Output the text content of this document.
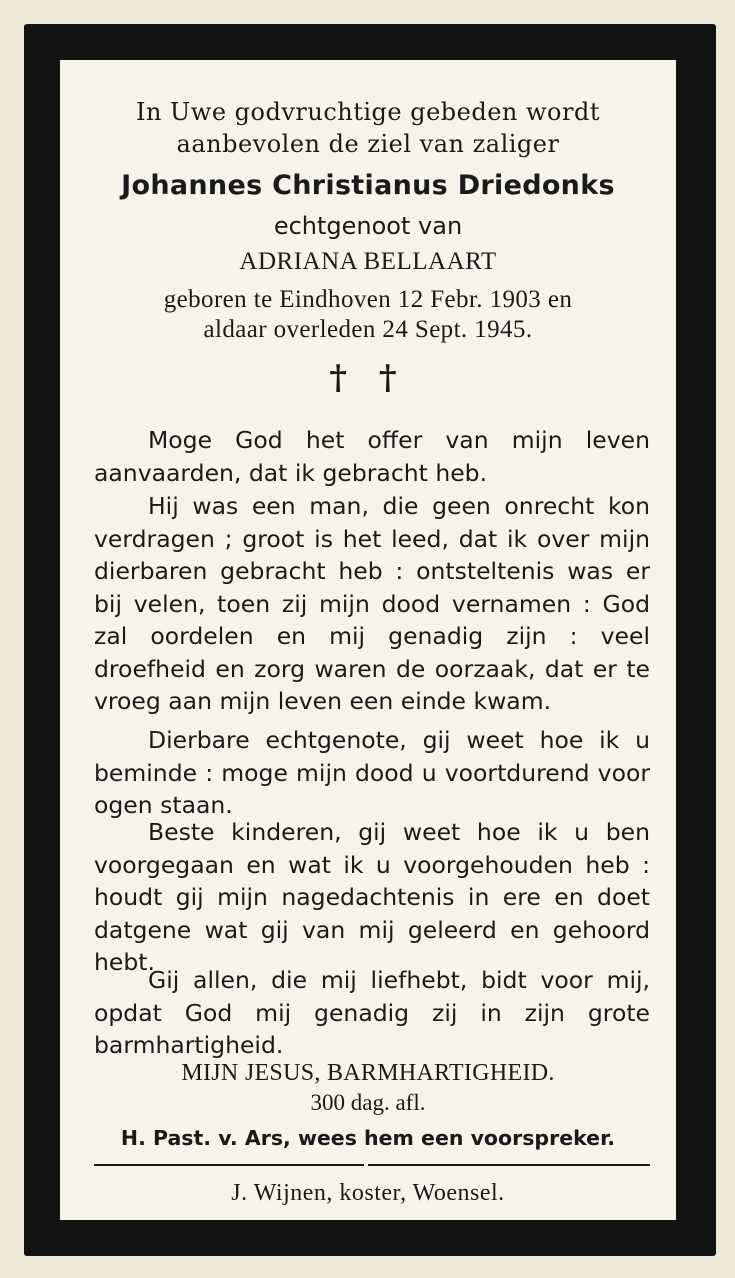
In Uwe godvruchtige gebeden wordt
aanbevolen de ziel van zaliger
Johannes Christianus Driedonks
echtgenoot van
ADRIANA BELLAART
geboren te Eindhoven 12 Febr. 1903 en
aldaar overleden 24 Sept. 1945.
† †
Moge God het offer van mijn leven aanvaarden, dat ik gebracht heb.
Hij was een man, die geen onrecht kon verdragen ; groot is het leed, dat ik over mijn dierbaren gebracht heb : ontsteltenis was er bij velen, toen zij mijn dood vernamen : God zal oordelen en mij genadig zijn : veel droefheid en zorg waren de oorzaak, dat er te vroeg aan mijn leven een einde kwam.
Dierbare echtgenote, gij weet hoe ik u beminde : moge mijn dood u voortdurend voor ogen staan.
Beste kinderen, gij weet hoe ik u ben voorgegaan en wat ik u voorgehouden heb : houdt gij mijn nagedachtenis in ere en doet datgene wat gij van mij geleerd en gehoord hebt.
Gij allen, die mij liefhebt, bidt voor mij, opdat God mij genadig zij in zijn grote barmhartigheid.
MIJN JESUS, BARMHARTIGHEID.
300 dag. afl.
H. Past. v. Ars, wees hem een voorspreker.
J. Wijnen, koster, Woensel.
